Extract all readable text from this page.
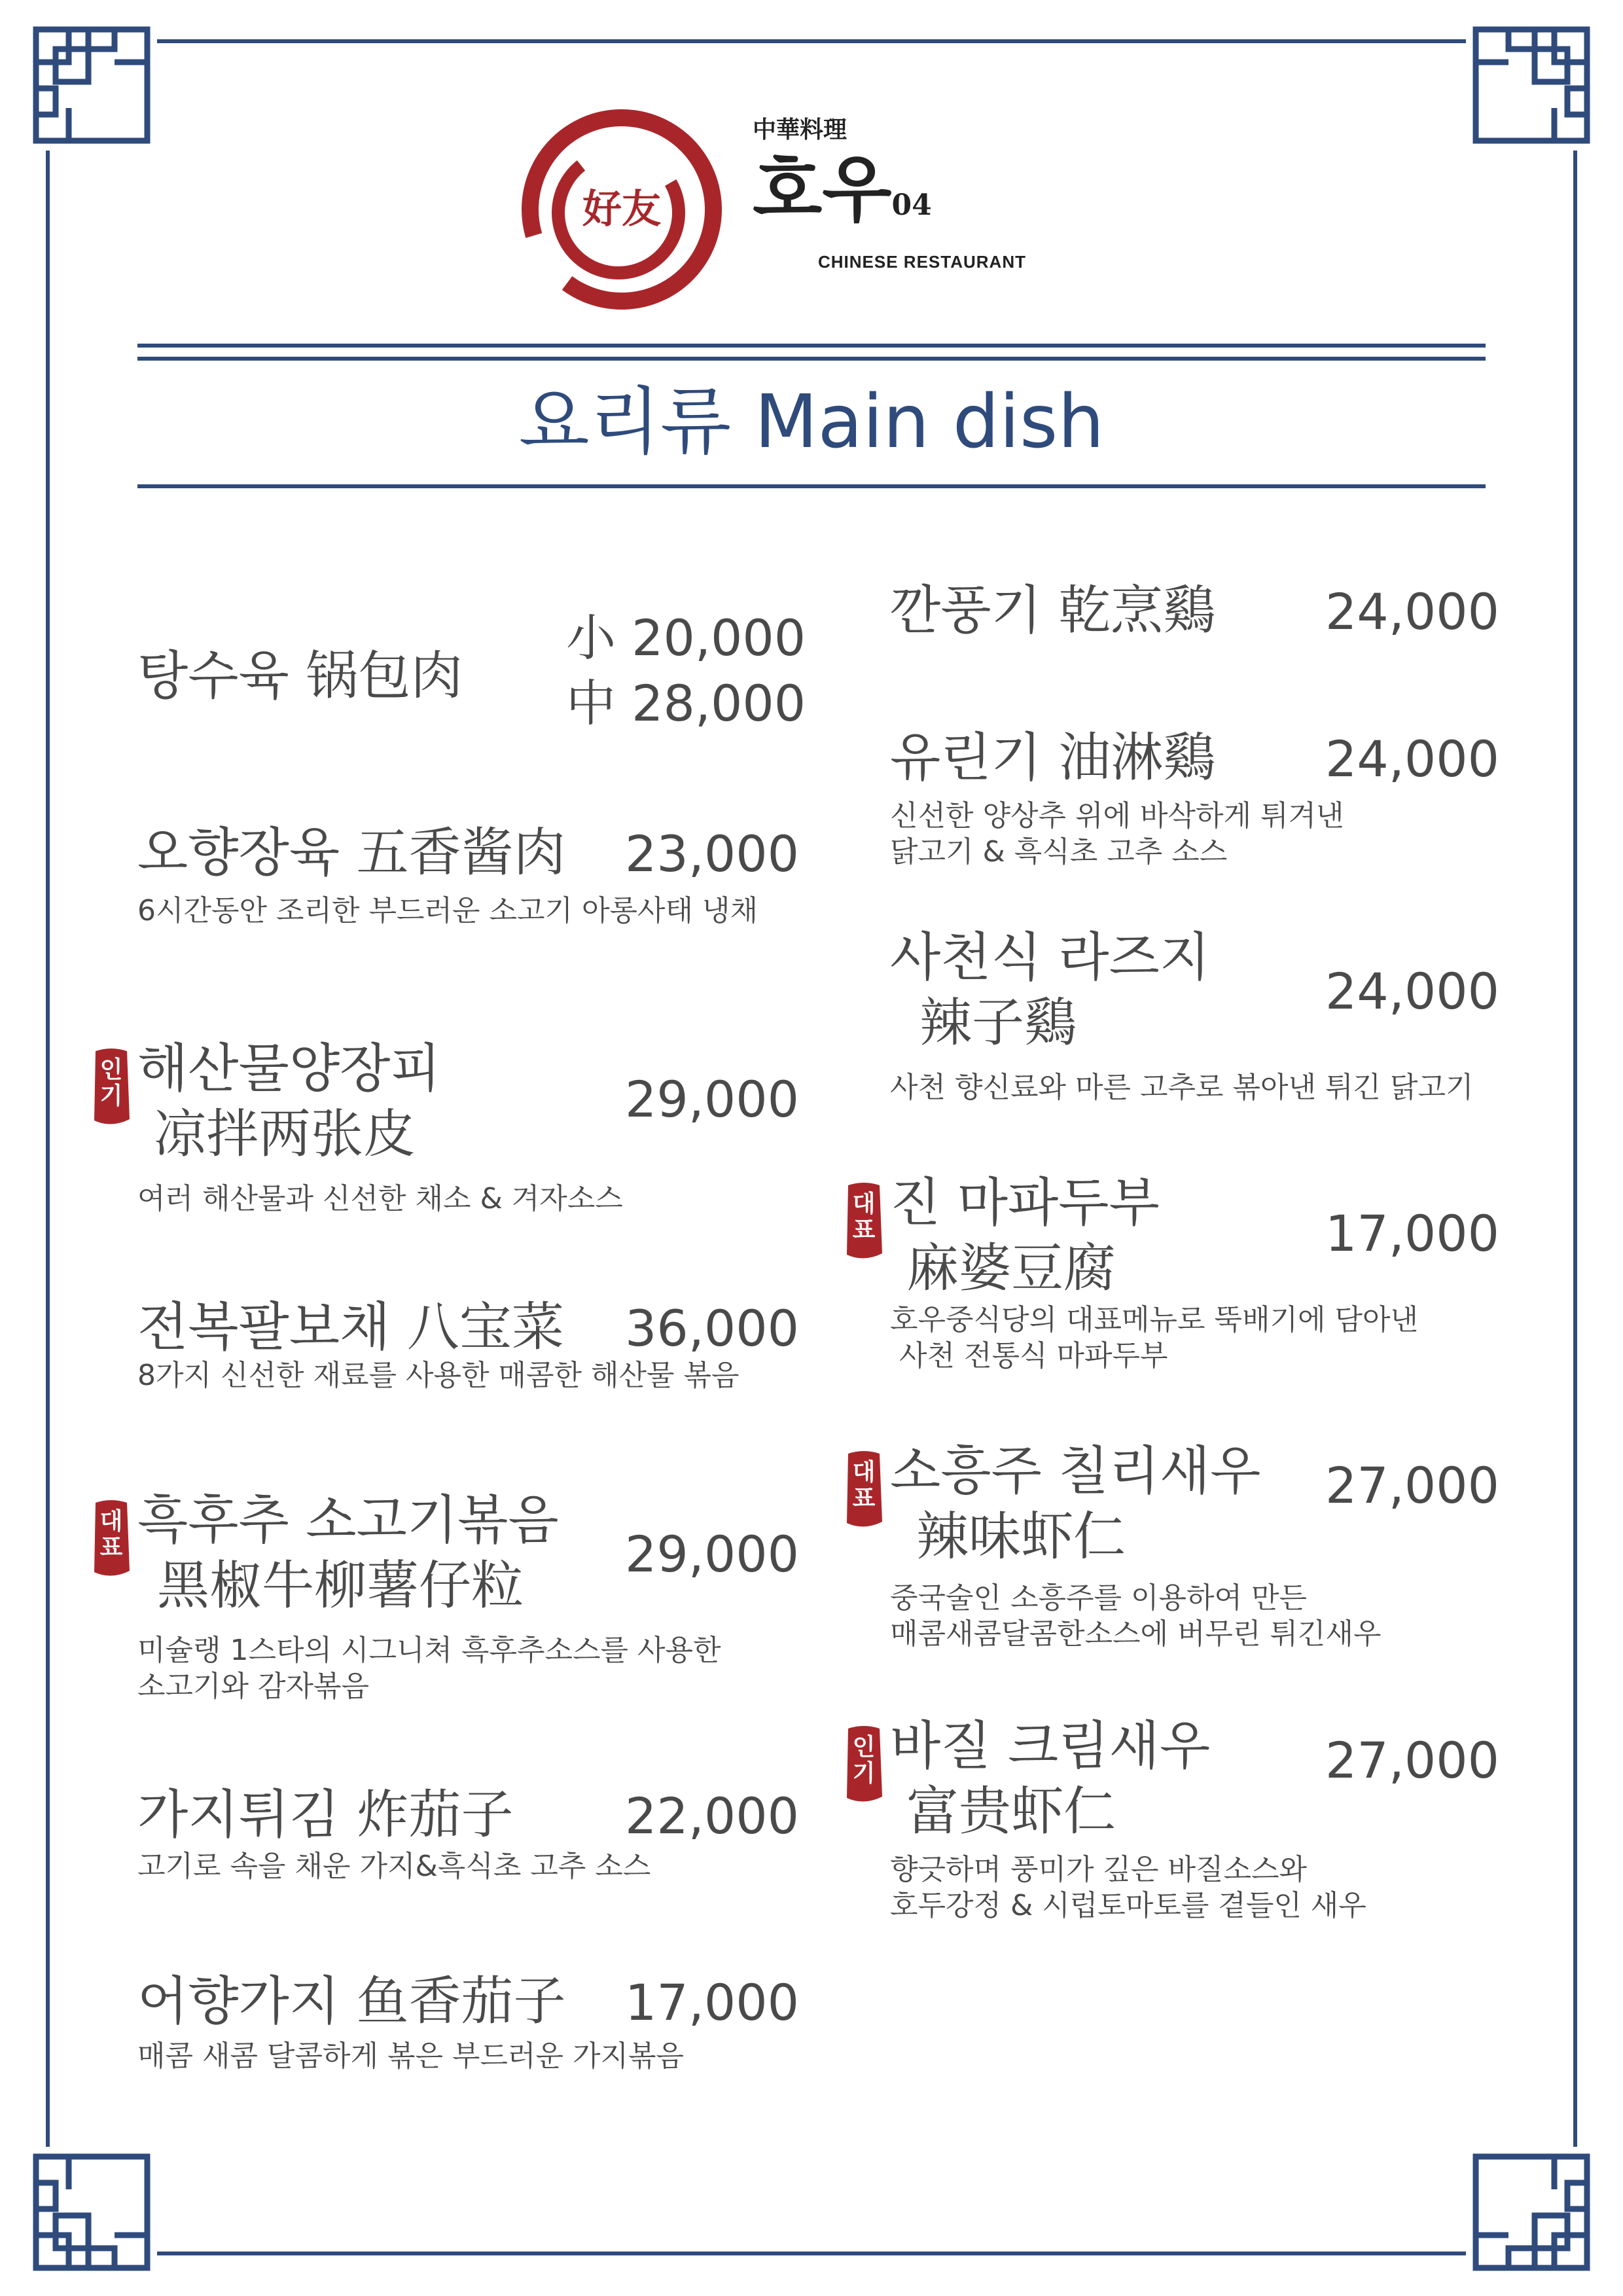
好友
中華料理
호우04
CHINESE RESTAURANT
요리류 Main dish
탕수육 锅包肉
小 20,000
中 28,000
오향장육 五香酱肉 23,000
6시간동안 조리한 부드러운 소고기 아롱사태 냉채
인기 해산물양장피
凉拌两张皮
29,000
여러 해산물과 신선한 채소 & 겨자소스
전복팔보채 八宝菜 36,000
8가지 신선한 재료를 사용한 매콤한 해산물 볶음
대표 흑후추 소고기볶음
黑椒牛柳薯仔粒
29,000
미슐랭 1스타의 시그니쳐 흑후추소스를 사용한
소고기와 감자볶음
가지튀김 炸茄子 22,000
고기로 속을 채운 가지&흑식초 고추 소스
어향가지 鱼香茄子 17,000
매콤 새콤 달콤하게 볶은 부드러운 가지볶음
깐풍기 乾烹鷄 24,000
유린기 油淋鷄 24,000
신선한 양상추 위에 바삭하게 튀겨낸
닭고기 & 흑식초 고추 소스
사천식 라즈지
辣子鷄
24,000
사천 향신료와 마른 고추로 볶아낸 튀긴 닭고기
대표 진 마파두부
麻婆豆腐
17,000
호우중식당의 대표메뉴로 뚝배기에 담아낸
사천 전통식 마파두부
대표 소흥주 칠리새우
辣味虾仁
27,000
중국술인 소흥주를 이용하여 만든
매콤새콤달콤한소스에 버무린 튀긴새우
인기 바질 크림새우
富贵虾仁
27,000
향긋하며 풍미가 깊은 바질소스와
호두강정 & 시럽토마토를 곁들인 새우
